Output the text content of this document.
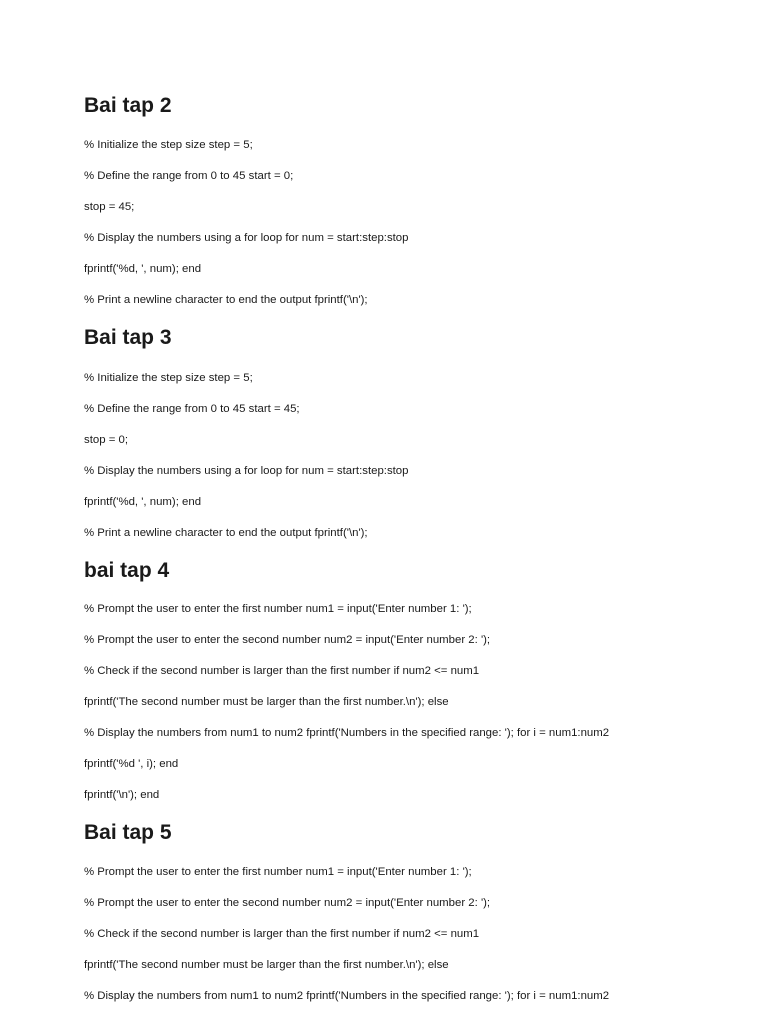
Bai tap 2
% Initialize the step size step = 5;
% Define the range from 0 to 45 start = 0;
stop = 45;
% Display the numbers using a for loop for num = start:step:stop
fprintf('%d, ', num); end
% Print a newline character to end the output fprintf('\n');
Bai tap 3
% Initialize the step size step = 5;
% Define the range from 0 to 45 start = 45;
stop = 0;
% Display the numbers using a for loop for num = start:step:stop
fprintf('%d, ', num); end
% Print a newline character to end the output fprintf('\n');
bai tap 4
% Prompt the user to enter the first number num1 = input('Enter number 1: ');
% Prompt the user to enter the second number num2 = input('Enter number 2: ');
% Check if the second number is larger than the first number if num2 <= num1
fprintf('The second number must be larger than the first number.\n'); else
% Display the numbers from num1 to num2 fprintf('Numbers in the specified range: '); for i = num1:num2
fprintf('%d ', i); end
fprintf('\n'); end
Bai tap 5
% Prompt the user to enter the first number num1 = input('Enter number 1: ');
% Prompt the user to enter the second number num2 = input('Enter number 2: ');
% Check if the second number is larger than the first number if num2 <= num1
fprintf('The second number must be larger than the first number.\n'); else
% Display the numbers from num1 to num2 fprintf('Numbers in the specified range: '); for i = num1:num2
